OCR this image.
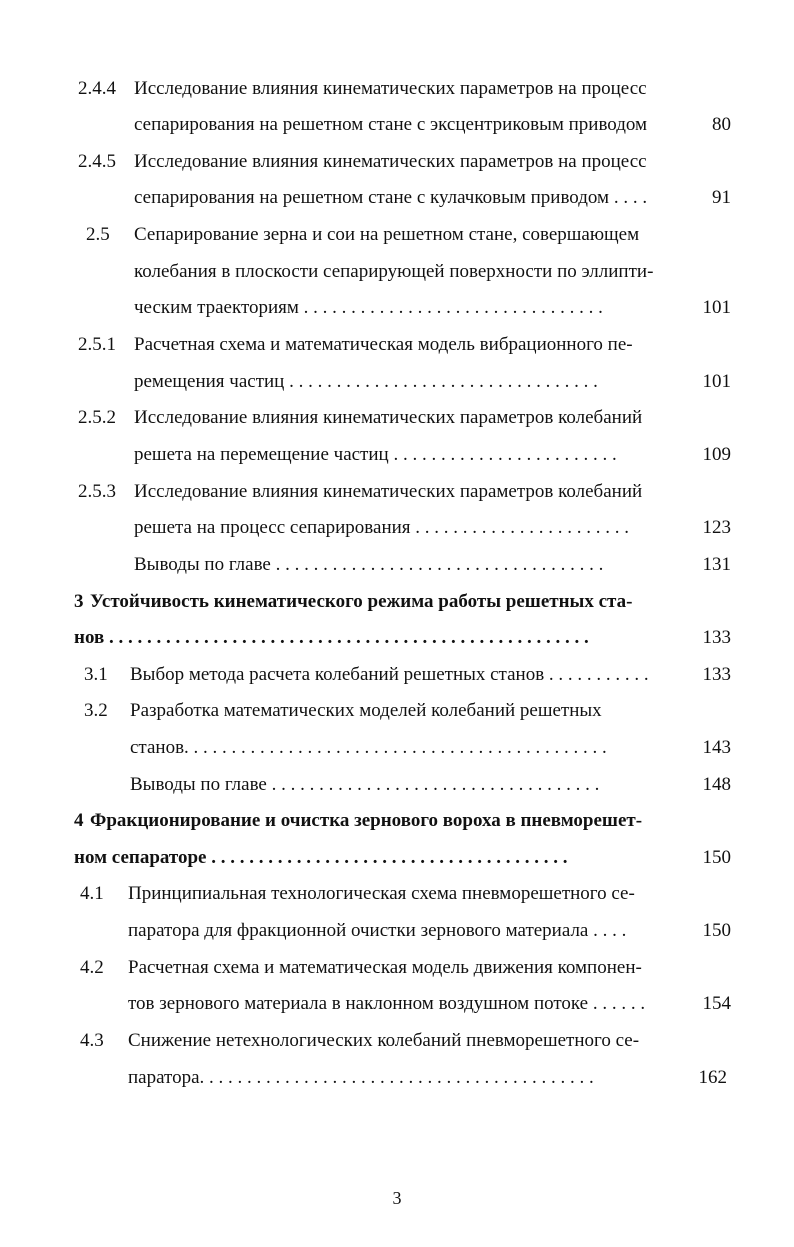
2.4.4 Исследование влияния кинематических параметров на процесс
сепарирования на решетном стане с эксцентриковым приводом	80
2.4.5 Исследование влияния кинематических параметров на процесс
сепарирования на решетном стане с кулачковым приводом . . . .	91
2.5 Сепарирование зерна и сои на решетном стане, совершающем
колебания в плоскости сепарирующей поверхности по эллипти-
ческим траекториям . . . . . . . . . . . . . . . . . . . . . . . . . . . . . . . .	101
2.5.1 Расчетная схема и математическая модель вибрационного пе-
ремещения частиц . . . . . . . . . . . . . . . . . . . . . . . . . . . . . . . . .	101
2.5.2 Исследование влияния кинематических параметров колебаний
решета на перемещение частиц . . . . . . . . . . . . . . . . . . . . . . . .	109
2.5.3 Исследование влияния кинематических параметров колебаний
решета на процесс сепарирования . . . . . . . . . . . . . . . . . . . . . . .	123
Выводы по главе . . . . . . . . . . . . . . . . . . . . . . . . . . . . . . . . . . .	131
3 Устойчивость кинематического режима работы решетных ста-
нов . . . . . . . . . . . . . . . . . . . . . . . . . . . . . . . . . . . . . . . . . . . . . . . . . . .	133
3.1 Выбор метода расчета колебаний решетных станов . . . . . . . . . . .	133
3.2 Разработка математических моделей колебаний решетных
станов. . . . . . . . . . . . . . . . . . . . . . . . . . . . . . . . . . . . . . . . . . . . .	143
Выводы по главе . . . . . . . . . . . . . . . . . . . . . . . . . . . . . . . . . . .	148
4 Фракционирование и очистка зернового вороха в пневморешет-
ном сепараторе . . . . . . . . . . . . . . . . . . . . . . . . . . . . . . . . . . . . . .	150
4.1 Принципиальная технологическая схема пневморешетного се-
паратора для фракционной очистки зернового материала . . . .	150
4.2 Расчетная схема и математическая модель движения компонен-
тов зернового материала в наклонном воздушном потоке . . . . . .	154
4.3 Снижение нетехнологических колебаний пневморешетного се-
паратора. . . . . . . . . . . . . . . . . . . . . . . . . . . . . . . . . . . . . . . . . .	162
3
